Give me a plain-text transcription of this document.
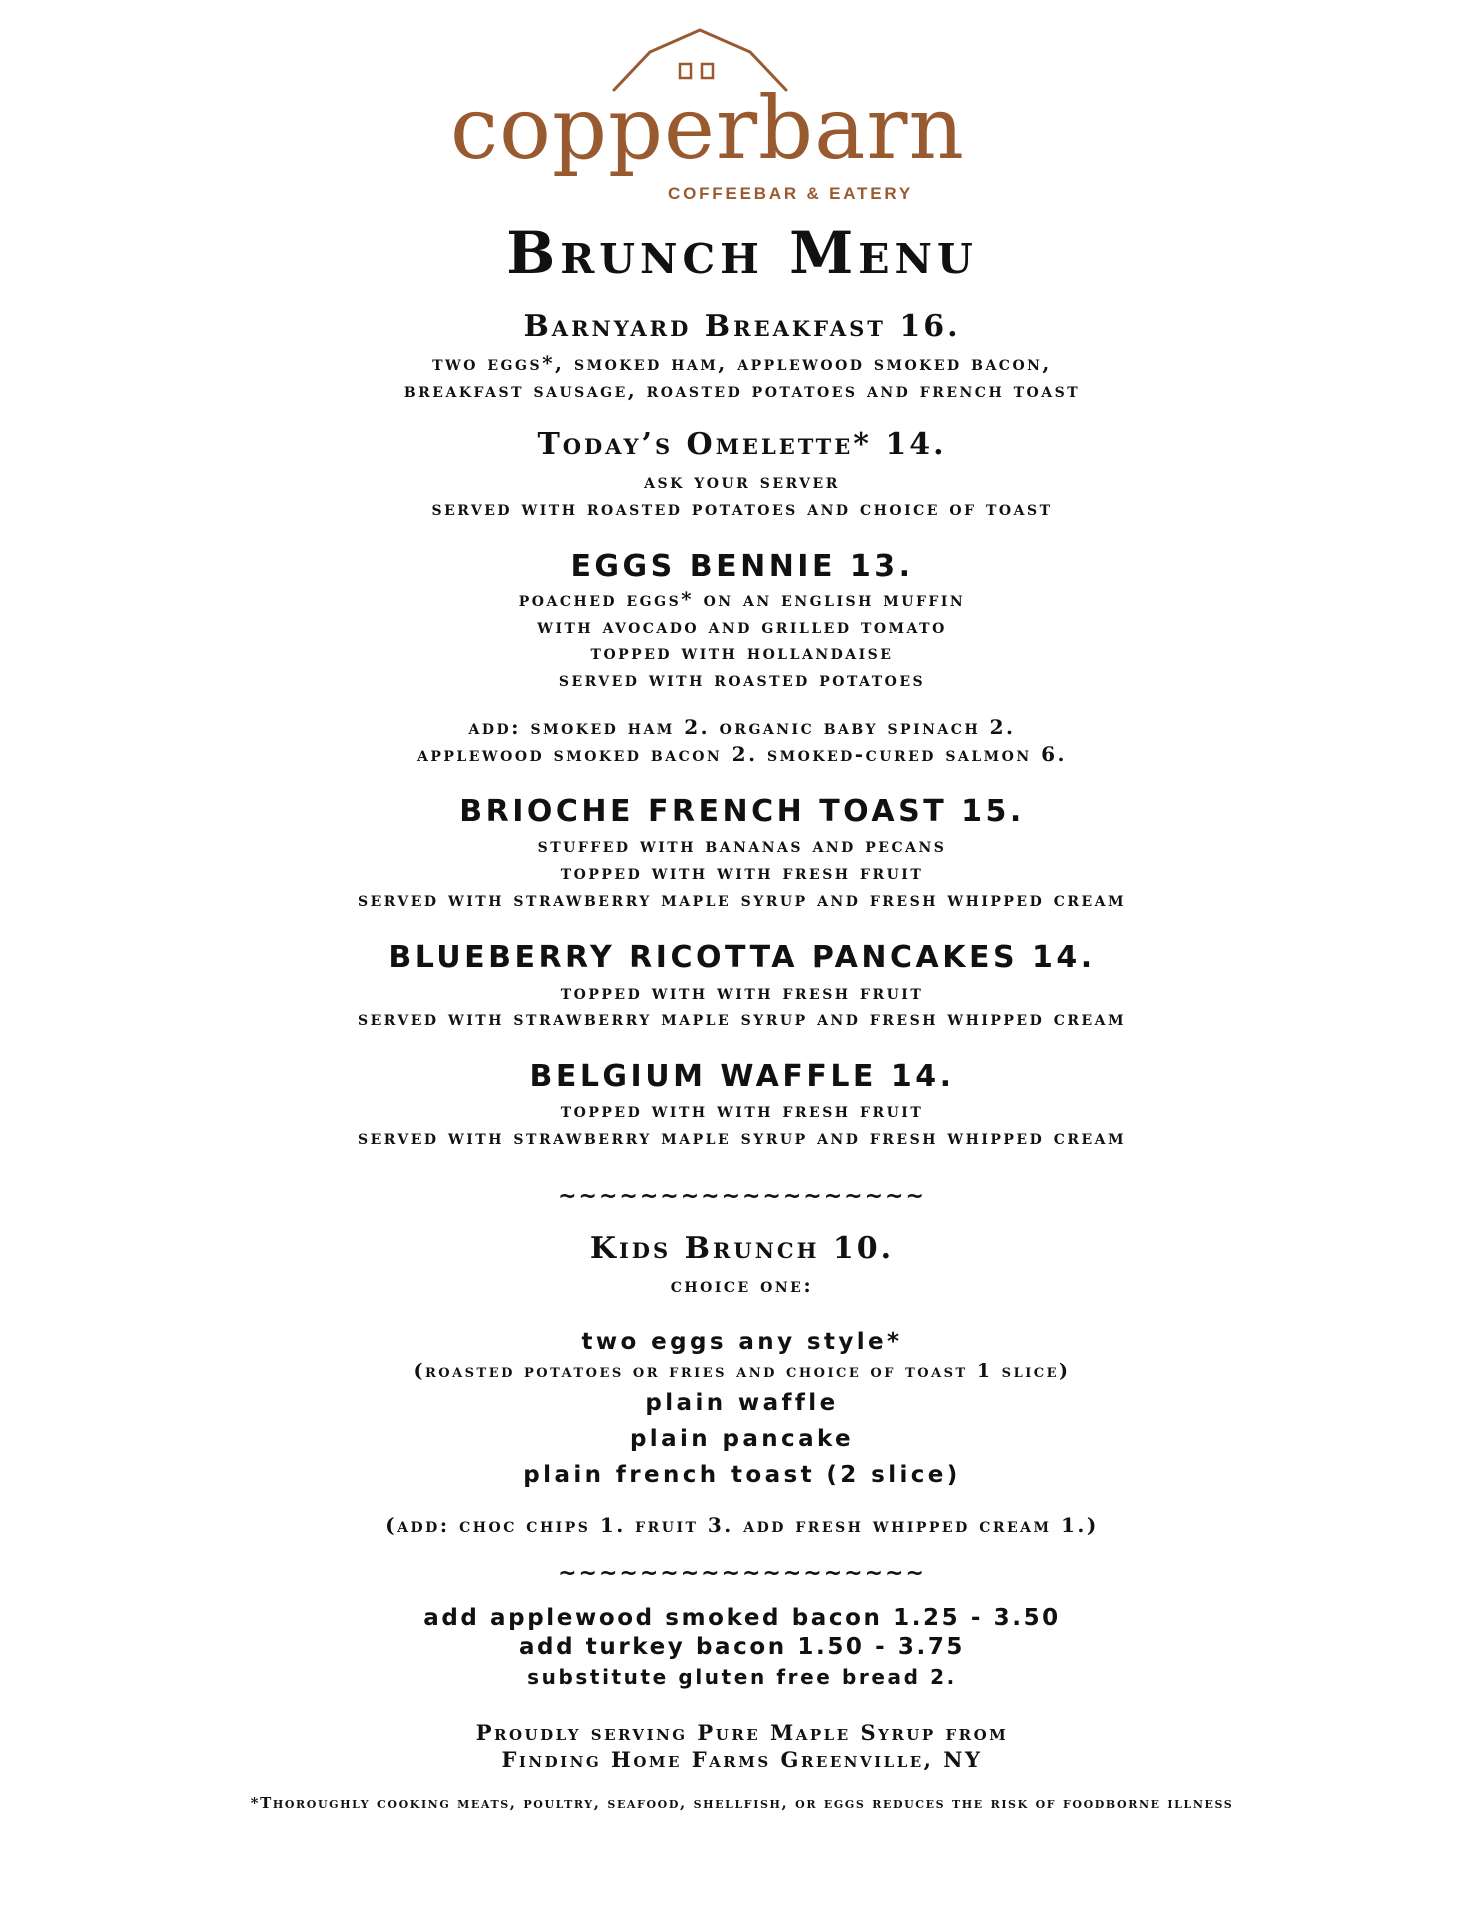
copperbarn
COFFEEBAR & EATERY
Brunch Menu
Barnyard Breakfast 16.
two eggs*, smoked ham, applewood smoked bacon,
breakfast sausage, roasted potatoes and french toast
Today’s Omelette* 14.
ask your server
served with roasted potatoes and choice of toast
EGGS BENNIE 13.
poached eggs* on an english muffin
with avocado and grilled tomato
topped with hollandaise
served with roasted potatoes
add: smoked ham 2. organic baby spinach 2.
applewood smoked bacon 2. smoked-cured salmon 6.
BRIOCHE FRENCH TOAST 15.
stuffed with bananas and pecans
topped with with fresh fruit
served with strawberry maple syrup and fresh whipped cream
BLUEBERRY RICOTTA PANCAKES 14.
topped with with fresh fruit
served with strawberry maple syrup and fresh whipped cream
BELGIUM WAFFLE 14.
topped with with fresh fruit
served with strawberry maple syrup and fresh whipped cream
~~~~~~~~~~~~~~~~~~
Kids Brunch 10.
choice one:
two eggs any style*
(roasted potatoes or fries and choice of toast 1 slice)
plain waffle
plain pancake
plain french toast (2 slice)
(add: choc chips 1. fruit 3. add fresh whipped cream 1.)
~~~~~~~~~~~~~~~~~~
add applewood smoked bacon 1.25 - 3.50
add turkey bacon 1.50 - 3.75
substitute gluten free bread 2.
Proudly serving Pure Maple Syrup from
Finding Home Farms Greenville, NY
*Thoroughly cooking meats, poultry, seafood, shellfish, or eggs reduces the risk of foodborne illness
